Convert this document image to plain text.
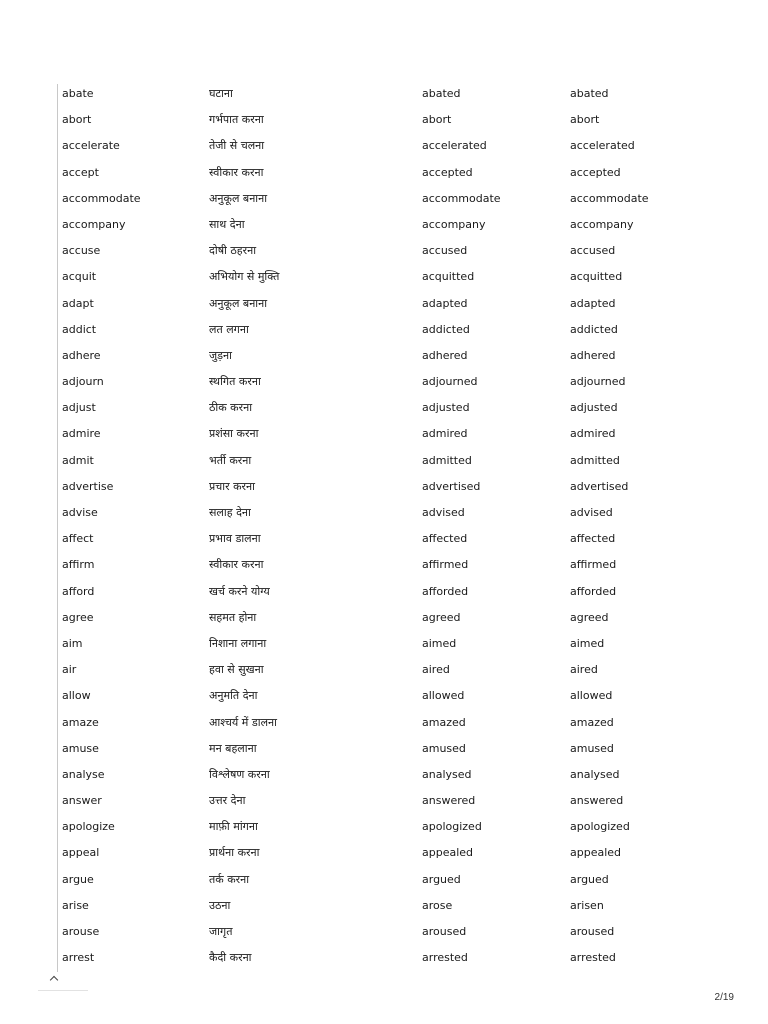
abate	घटाना	abated	abated
abort	गर्भपात करना	abort	abort
accelerate	तेजी से चलना	accelerated	accelerated
accept	स्वीकार करना	accepted	accepted
accommodate	अनुकूल बनाना	accommodate	accommodate
accompany	साथ देना	accompany	accompany
accuse	दोषी ठहरना	accused	accused
acquit	अभियोग से मुक्ति	acquitted	acquitted
adapt	अनुकूल बनाना	adapted	adapted
addict	लत लगना	addicted	addicted
adhere	जुड़ना	adhered	adhered
adjourn	स्थगित करना	adjourned	adjourned
adjust	ठीक करना	adjusted	adjusted
admire	प्रशंसा करना	admired	admired
admit	भर्ती करना	admitted	admitted
advertise	प्रचार करना	advertised	advertised
advise	सलाह देना	advised	advised
affect	प्रभाव डालना	affected	affected
affirm	स्वीकार करना	affirmed	affirmed
afford	खर्च करने योग्य	afforded	afforded
agree	सहमत होना	agreed	agreed
aim	निशाना लगाना	aimed	aimed
air	हवा से सुखना	aired	aired
allow	अनुमति देना	allowed	allowed
amaze	आश्चर्य में डालना	amazed	amazed
amuse	मन बहलाना	amused	amused
analyse	विश्लेषण करना	analysed	analysed
answer	उत्तर देना	answered	answered
apologize	माफ़ी मांगना	apologized	apologized
appeal	प्रार्थना करना	appealed	appealed
argue	तर्क करना	argued	argued
arise	उठना	arose	arisen
arouse	जागृत	aroused	aroused
arrest	कैदी करना	arrested	arrested
2/19
